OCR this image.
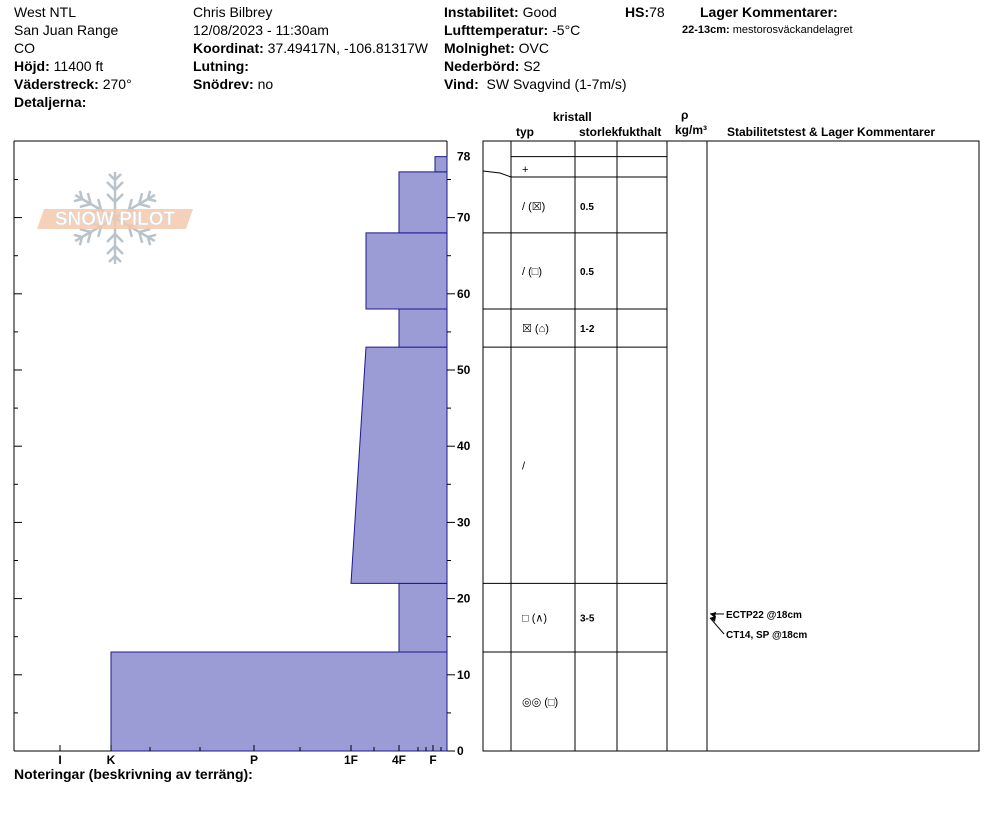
West NTL
San Juan Range
CO
Höjd: 11400 ft
Väderstreck: 270°
Detaljerna:
Chris Bilbrey
12/08/2023 - 11:30am
Koordinat: 37.49417N, -106.81317W
Lutning:
Snödrev: no
Instabilitet: Good	HS:78
Lufttemperatur: -5°C
Molnighet: OVC
Nederbörd: S2
Vind: SW Svagvind (1-7m/s)
Lager Kommentarer:
22-13cm: mestorosväckandelagret
kristall
typ	storlek fukthalt
ρ
kg/m³ Stabilitetstest & Lager Kommentarer
SNOW PILOT
I	K	P	1F	4F F
0
10
20
30
40
50
60
70
78
+
/ (☒)	0.5
/ (□)	0.5
☒ (⌂)	1-2
/
□ (∧)	3-5
◎◎ (□)
ECTP22 @18cm
CT14, SP @18cm
Noteringar (beskrivning av terräng):
